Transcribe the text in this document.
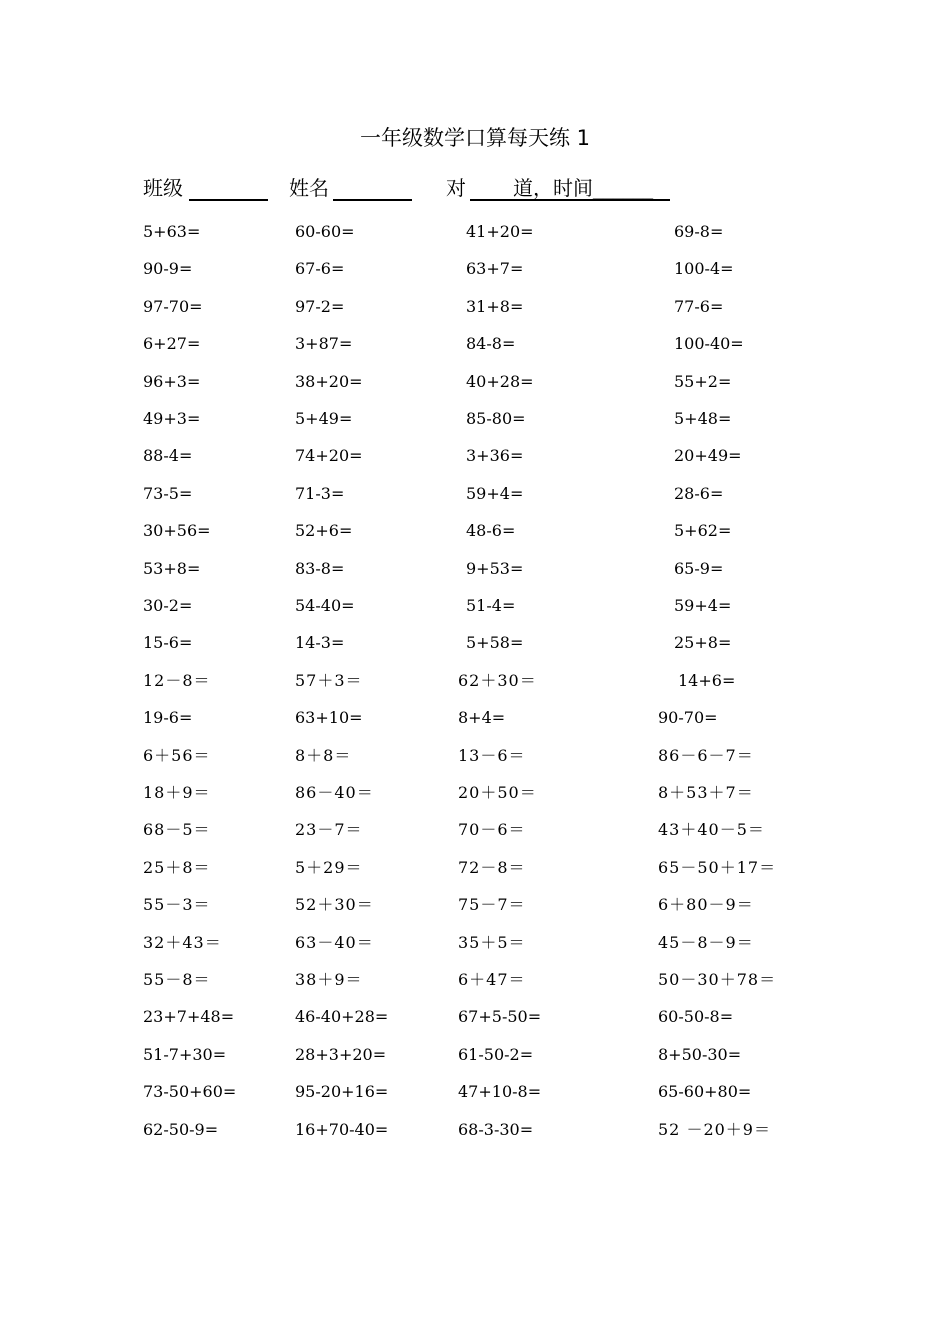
一年级数学口算每天练 1
班级	姓名	对 道，时间______
5+63=	60-60=	41+20=	69-8=
90-9=	67-6=	63+7=	100-4=
97-70=	97-2=	31+8=	77-6=
6+27=	3+87=	84-8=	100-40=
96+3=	38+20=	40+28=	55+2=
49+3=	5+49=	85-80=	5+48=
88-4=	74+20=	3+36=	20+49=
73-5=	71-3=	59+4=	28-6=
30+56=	52+6=	48-6=	5+62=
53+8=	83-8=	9+53=	65-9=
30-2=	54-40=	51-4=	59+4=
15-6=	14-3=	5+58=	25+8=
12－8＝	57＋3＝	62＋30＝	14+6=
19-6=	63+10=	8+4=	90-70=
6＋56＝	8＋8＝	13－6＝	86－6－7＝
18＋9＝	86－40＝	20＋50＝	8＋53＋7＝
68－5＝	23－7＝	70－6＝	43＋40－5＝
25＋8＝	5＋29＝	72－8＝	65－50＋17＝
55－3＝	52＋30＝	75－7＝	6＋80－9＝
32＋43＝	63－40＝	35＋5＝	45－8－9＝
55－8＝	38＋9＝	6＋47＝	50－30＋78＝
23+7+48=	46-40+28=	67+5-50=	60-50-8=
51-7+30=	28+3+20=	61-50-2=	8+50-30=
73-50+60=	95-20+16=	47+10-8=	65-60+80=
62-50-9=	16+70-40=	68-3-30=	52 －20＋9＝
